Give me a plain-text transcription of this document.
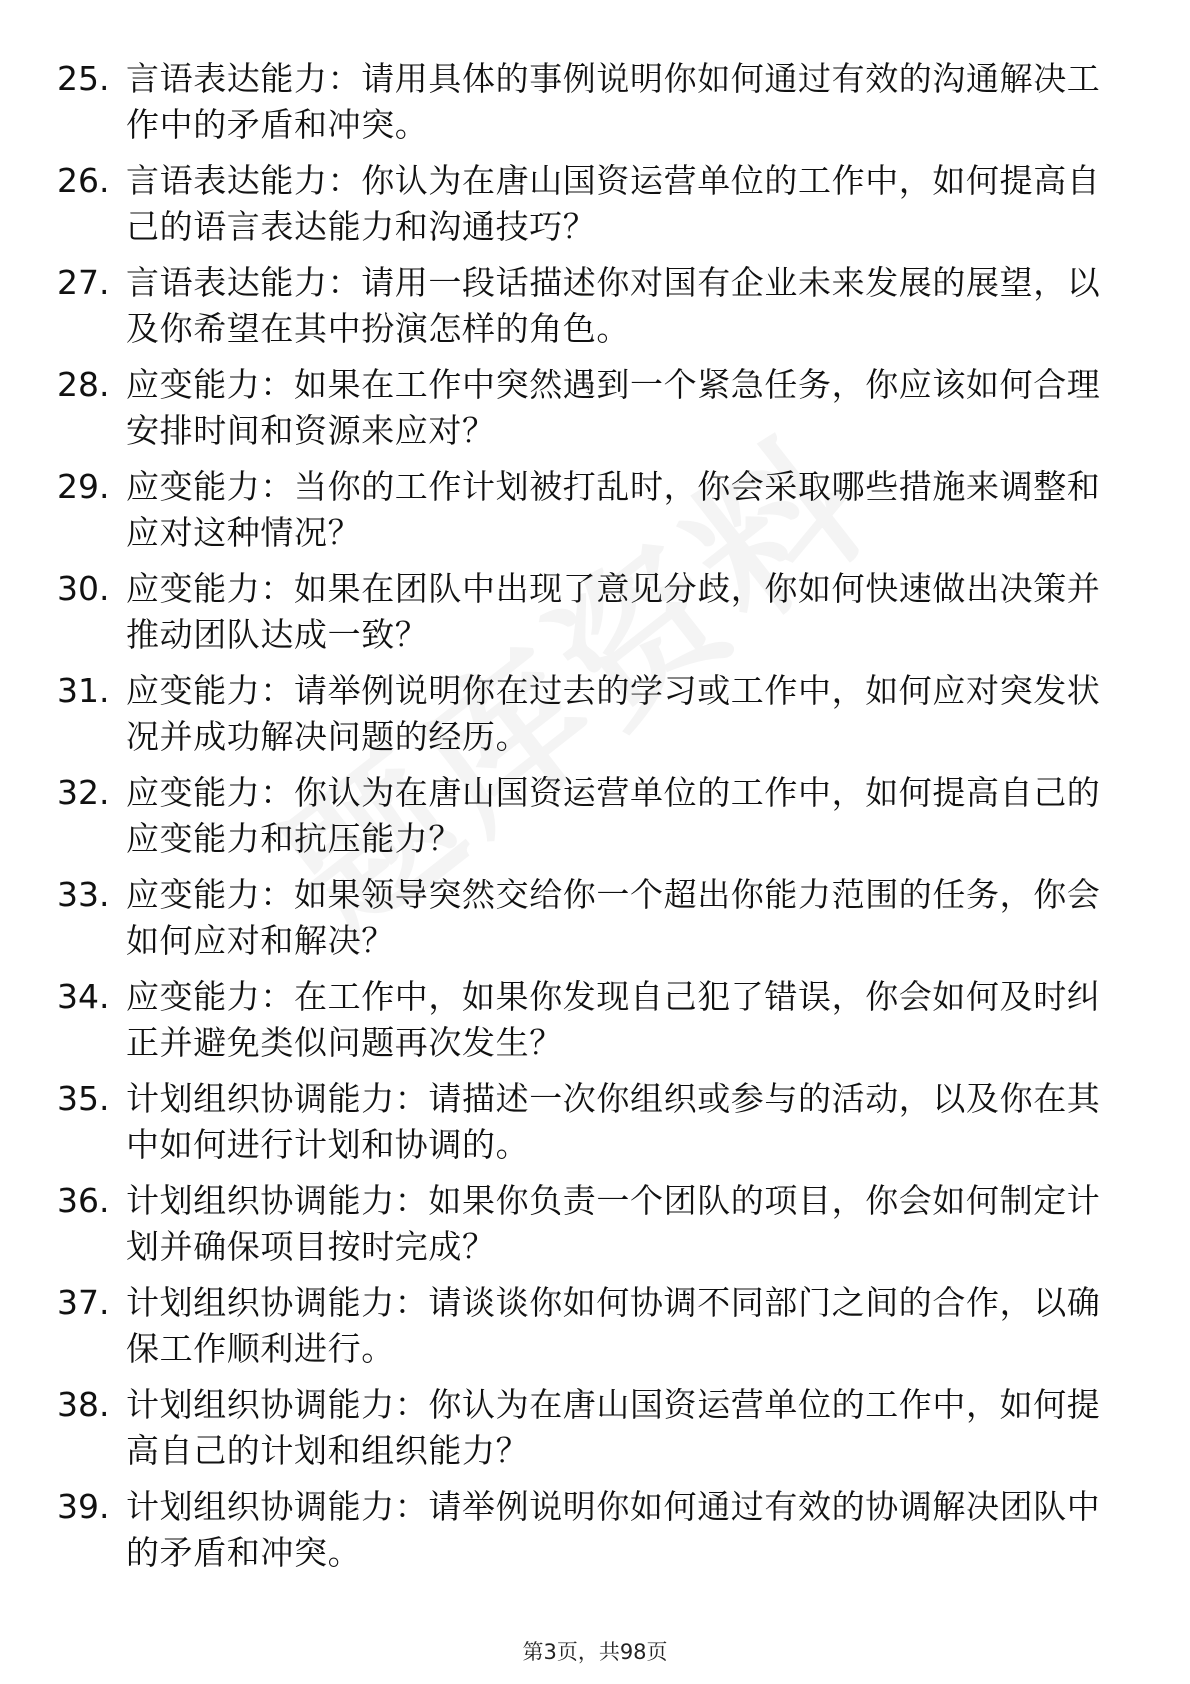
25. 言语表达能力：请用具体的事例说明你如何通过有效的沟通解决工作中的矛盾和冲突。
26. 言语表达能力：你认为在唐山国资运营单位的工作中，如何提高自己的语言表达能力和沟通技巧？
27. 言语表达能力：请用一段话描述你对国有企业未来发展的展望，以及你希望在其中扮演怎样的角色。
28. 应变能力：如果在工作中突然遇到一个紧急任务，你应该如何合理安排时间和资源来应对？
29. 应变能力：当你的工作计划被打乱时，你会采取哪些措施来调整和应对这种情况？
30. 应变能力：如果在团队中出现了意见分歧，你如何快速做出决策并推动团队达成一致？
31. 应变能力：请举例说明你在过去的学习或工作中，如何应对突发状况并成功解决问题的经历。
32. 应变能力：你认为在唐山国资运营单位的工作中，如何提高自己的应变能力和抗压能力？
33. 应变能力：如果领导突然交给你一个超出你能力范围的任务，你会如何应对和解决？
34. 应变能力：在工作中，如果你发现自己犯了错误，你会如何及时纠正并避免类似问题再次发生？
35. 计划组织协调能力：请描述一次你组织或参与的活动，以及你在其中如何进行计划和协调的。
36. 计划组织协调能力：如果你负责一个团队的项目，你会如何制定计划并确保项目按时完成？
37. 计划组织协调能力：请谈谈你如何协调不同部门之间的合作，以确保工作顺利进行。
38. 计划组织协调能力：你认为在唐山国资运营单位的工作中，如何提高自己的计划和组织能力？
39. 计划组织协调能力：请举例说明你如何通过有效的协调解决团队中的矛盾和冲突。
第3页，共98页
